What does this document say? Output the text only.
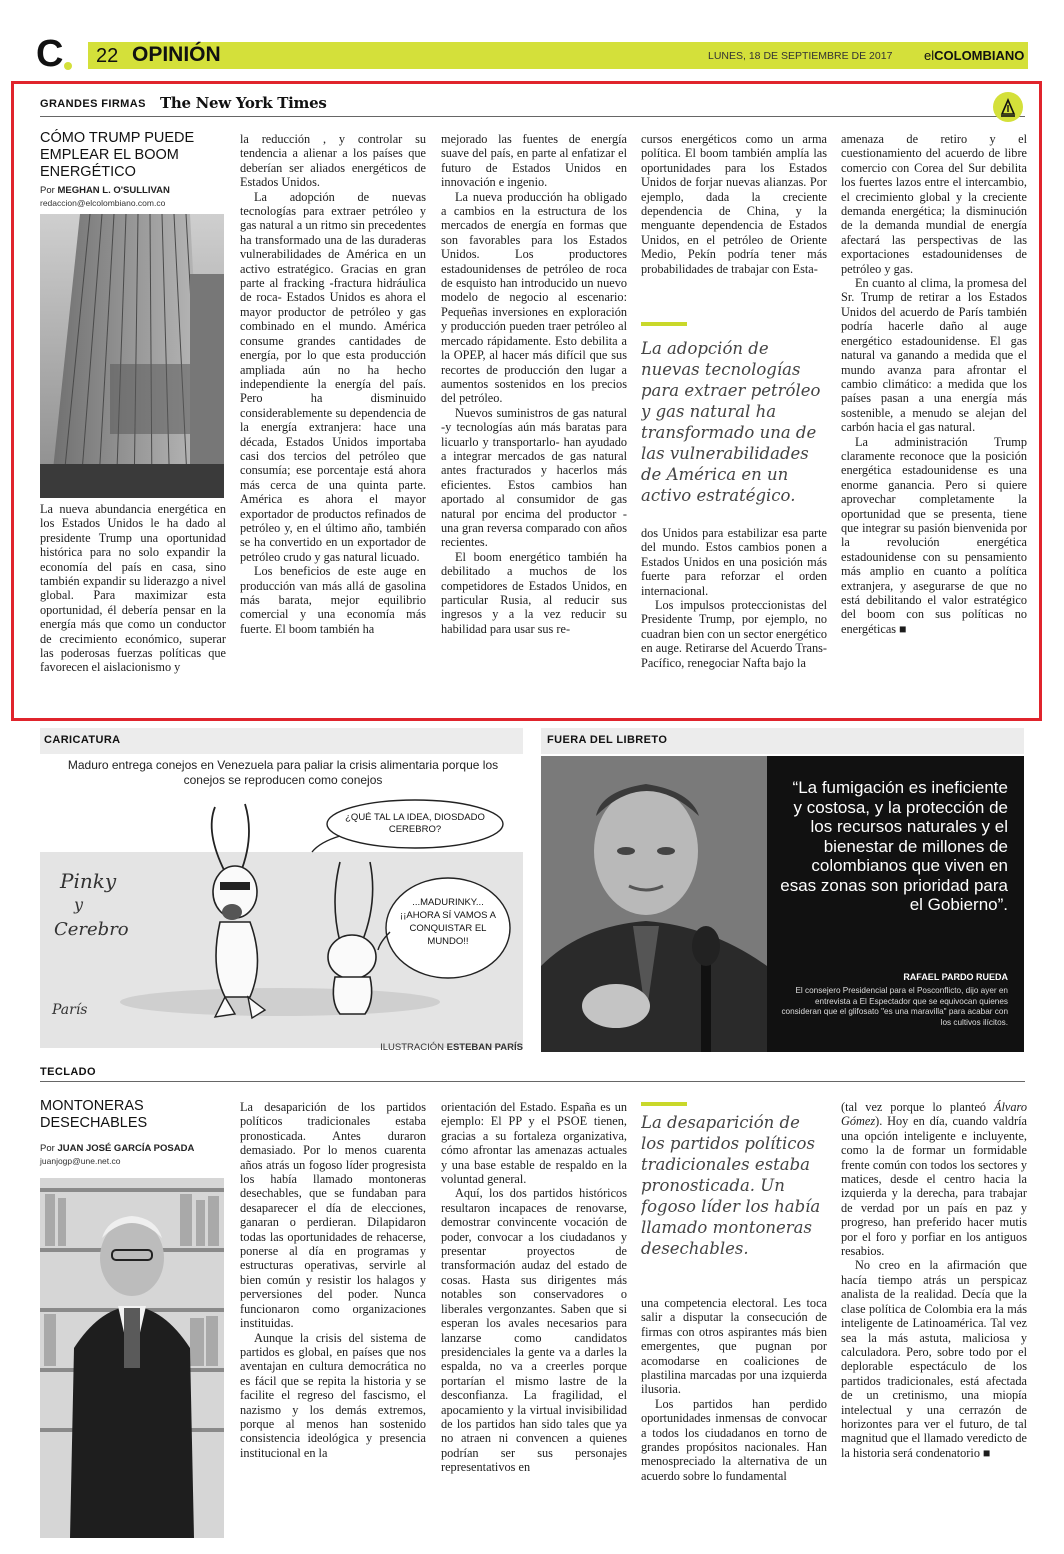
C 22 OPINIÓN	LUNES, 18 DE SEPTIEMBRE DE 2017 elCOLOMBIANO
GRANDES FIRMAS The New York Times
CÓMO TRUMP PUEDE EMPLEAR EL BOOM ENERGÉTICO
Por MEGHAN L. O'SULLIVAN
redaccion@elcolombiano.com.co

La nueva abundancia energética en los Estados Unidos le ha dado al presidente Trump una oportunidad histórica para no solo expandir la economía del país en casa, sino también expandir su liderazgo a nivel global. Para maximizar esta oportunidad, él debería pensar en la energía más que como un conductor de crecimiento económico, superar las poderosas fuerzas políticas que favorecen el aislacionismo y

la reducción , y controlar su tendencia a alienar a los países que deberían ser aliados energéticos de Estados Unidos.

La adopción de nuevas tecnologías para extraer petróleo y gas natural a un ritmo sin precedentes ha transformado una de las duraderas vulnerabilidades de América en un activo estratégico. Gracias en gran parte al fracking -fractura hidráulica de roca- Estados Unidos es ahora el mayor productor de petróleo y gas combinado en el mundo. América consume grandes cantidades de energía, por lo que esta producción ampliada aún no ha hecho independiente la energía del país. Pero ha disminuido considerablemente su dependencia de la energía extranjera: hace una década, Estados Unidos importaba casi dos tercios del petróleo que consumía; ese porcentaje está ahora más cerca de una quinta parte. América es ahora el mayor exportador de productos refinados de petróleo y, en el último año, también se ha convertido en un exportador de petróleo crudo y gas natural licuado.

Los beneficios de este auge en producción van más allá de gasolina más barata, mejor equilibrio comercial y una economía más fuerte. El boom también ha

mejorado las fuentes de energía suave del país, en parte al enfatizar el futuro de Estados Unidos en innovación e ingenio.

La nueva producción ha obligado a cambios en la estructura de los mercados de energía en formas que son favorables para los Estados Unidos. Los productores estadounidenses de petróleo de roca de esquisto han introducido un nuevo modelo de negocio al escenario: Pequeñas inversiones en exploración y producción pueden traer petróleo al mercado rápidamente. Esto debilita a la OPEP, al hacer más difícil que sus recortes de producción den lugar a aumentos sostenidos en los precios del petróleo.

Nuevos suministros de gas natural -y tecnologías aún más baratas para licuarlo y transportarlo- han ayudado a integrar mercados de gas natural antes fracturados y hacerlos más eficientes. Estos cambios han aportado al consumidor de gas natural por encima del productor - una gran reversa comparado con años recientes.

El boom energético también ha debilitado a muchos de los competidores de Estados Unidos, en particular Rusia, al reducir sus ingresos y a la vez reducir su habilidad para usar sus re-

cursos energéticos como un arma política. El boom también amplía las oportunidades para los Estados Unidos de forjar nuevas alianzas. Por ejemplo, dada la creciente dependencia de China, y la menguante dependencia de Estados Unidos, en el petróleo de Oriente Medio, Pekín podría tener más probabilidades de trabajar con Esta-

La adopción de nuevas tecnologías para extraer petróleo y gas natural ha transformado una de las vulnerabilidades de América en un activo estratégico.

dos Unidos para estabilizar esa parte del mundo. Estos cambios ponen a Estados Unidos en una posición más fuerte para reforzar el orden internacional.

Los impulsos proteccionistas del Presidente Trump, por ejemplo, no cuadran bien con un sector energético en auge. Retirarse del Acuerdo Trans-Pacífico, renegociar Nafta bajo la

amenaza de retiro y el cuestionamiento del acuerdo de libre comercio con Corea del Sur debilita los fuertes lazos entre el intercambio, el crecimiento global y la creciente demanda energética; la disminución de la demanda mundial de energía afectará las perspectivas de las exportaciones estadounidenses de petróleo y gas.

En cuanto al clima, la promesa del Sr. Trump de retirar a los Estados Unidos del acuerdo de París también podría hacerle daño al auge energético estadounidense. El gas natural va ganando a medida que el mundo avanza para afrontar el cambio climático: a medida que los países pasan a una energía más sostenible, a menudo se alejan del carbón hacia el gas natural.

La administración Trump claramente reconoce que la posición energética estadounidense es una enorme ganancia. Pero si quiere aprovechar completamente la oportunidad que se presenta, tiene que integrar su pasión bienvenida por la revolución energética estadounidense con su pensamiento más amplio en cuanto a política extranjera, y asegurarse de que no está debilitando el valor estratégico del boom con sus políticas no energéticas ■

CARICATURA
Maduro entrega conejos en Venezuela para paliar la crisis alimentaria porque los conejos se reproducen como conejos
¿QUÉ TAL LA IDEA, DIOSDADO CEREBRO?
...MADURINKY... ¡¡AHORA SÍ VAMOS A CONQUISTAR EL MUNDO!!
Pinky
y
Cerebro
París
ILUSTRACIÓN ESTEBAN PARÍS
FUERA DEL LIBRETO
“La fumigación es ineficiente y costosa, y la protección de los recursos naturales y el bienestar de millones de colombianos que viven en esas zonas son prioridad para el Gobierno”.
RAFAEL PARDO RUEDA
El consejero Presidencial para el Posconflicto, dijo ayer en entrevista a El Espectador que se equivocan quienes consideran que el glifosato "es una maravilla" para acabar con los cultivos ilícitos.
TECLADO
MONTONERAS DESECHABLES
Por JUAN JOSÉ GARCÍA POSADA
juanjogp@une.net.co

La desaparición de los partidos políticos tradicionales estaba pronosticada. Antes duraron demasiado. Por lo menos cuarenta años atrás un fogoso líder progresista los había llamado montoneras desechables, que se fundaban para desaparecer el día de elecciones, ganaran o perdieran. Dilapidaron todas las oportunidades de rehacerse, ponerse al día en programas y estructuras operativas, servirle al bien común y resistir los halagos y perversiones del poder. Nunca funcionaron como organizaciones instituidas.

Aunque la crisis del sistema de partidos es global, en países que nos aventajan en cultura democrática no es fácil que se repita la historia y se facilite el regreso del fascismo, el nazismo y los demás extremos, porque al menos han sostenido consistencia ideológica y presencia institucional en la

orientación del Estado. España es un ejemplo: El PP y el PSOE tienen, gracias a su fortaleza organizativa, cómo afrontar las amenazas actuales y una base estable de respaldo en la voluntad general.

Aquí, los dos partidos históricos resultaron incapaces de renovarse, demostrar convincente vocación de poder, convocar a los ciudadanos y presentar proyectos de transformación audaz del estado de cosas. Hasta sus dirigentes más notables son conservadores o liberales vergonzantes. Saben que si esperan los avales necesarios para lanzarse como candidatos presidenciales la gente va a darles la espalda, no va a creerles porque portarían el mismo lastre de la desconfianza. La fragilidad, el apocamiento y la virtual invisibilidad de los partidos han sido tales que ya no atraen ni convencen a quienes podrían ser sus personajes representativos en

La desaparición de los partidos políticos tradicionales estaba pronosticada. Un fogoso líder los había llamado montoneras desechables.

una competencia electoral. Les toca salir a disputar la consecución de firmas con otros aspirantes más bien emergentes, que pugnan por acomodarse en coaliciones de plastilina marcadas por una izquierda ilusoria.

Los partidos han perdido oportunidades inmensas de convocar a todos los ciudadanos en torno de grandes propósitos nacionales. Han menospreciado la alternativa de un acuerdo sobre lo fundamental

(tal vez porque lo planteó Álvaro Gómez). Hoy en día, cuando valdría una opción inteligente e incluyente, como la de formar un formidable frente común con todos los sectores y matices, desde el centro hacia la izquierda y la derecha, para trabajar de verdad por un país en paz y progreso, han preferido hacer mutis por el foro y porfiar en los antiguos resabios.

No creo en la afirmación que hacía tiempo atrás un perspicaz analista de la realidad. Decía que la clase política de Colombia era la más inteligente de Latinoamérica. Tal vez sea la más astuta, maliciosa y calculadora. Pero, sobre todo por el deplorable espectáculo de los partidos tradicionales, está afectada de un cretinismo, una miopía intelectual y una cerrazón de horizontes para ver el futuro, de tal magnitud que el llamado veredicto de la historia será condenatorio ■
